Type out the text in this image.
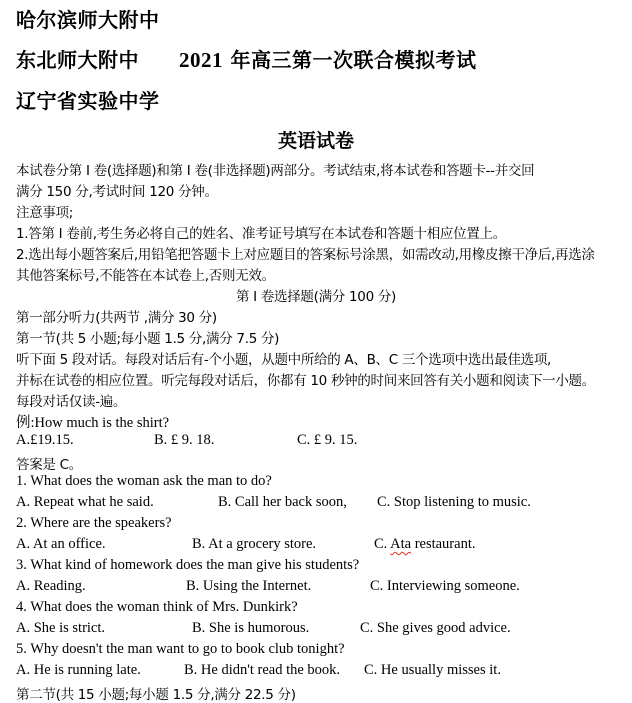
哈尔滨师大附中
东北师大附中 2021 年高三第一次联合模拟考试
辽宁省实验中学
英语试卷
本试卷分第 I 卷(选择题)和第 I 卷(非选择题)两部分。考试结束,将本试卷和答题卡--并交回
满分 150 分,考试时间 120 分钟。
注意事项;
1.答第 I 卷前,考生务必将自己的姓名、准考证号填写在本试卷和答题十相应位置上。
2.选出每小题答案后,用铅笔把答题卡上对应题目的答案标号涂黑，如需改动,用橡皮擦干净后,再选涂
其他答案标号,不能答在本试卷上,否则无效。
第 I 卷选择题(满分 100 分)
第一部分听力(共两节 ,满分 30 分)
第一节(共 5 小题;每小题 1.5 分,满分 7.5 分)
听下面 5 段对话。每段对话后有-个小题，从题中所给的 A、B、C 三个选项中选出最佳选项,
并标在试卷的相应位置。听完每段对话后，你都有 10 秒钟的时间来回答有关小题和阅读下一小题。
每段对话仅读-遍。
例:How much is the shirt?
A.£19.15.	B. £ 9. 18.	C. £ 9. 15.
答案是 C。
1. What does the woman ask the man to do?
A. Repeat what he said.	B. Call her back soon, C. Stop listening to music.
2. Where are the speakers?
A. At an office.	B. At a grocery store.	C. Ata restaurant.
3. What kind of homework does the man give his students?
A. Reading.	B. Using the Internet.	C. Interviewing someone.
4. What does the woman think of Mrs. Dunkirk?
A. She is strict.	B. She is humorous.	C. She gives good advice.
5. Why doesn't the man want to go to book club tonight?
A. He is running late.	B. He didn't read the book. C. He usually misses it.
第二节(共 15 小题;每小题 1.5 分,满分 22.5 分)
